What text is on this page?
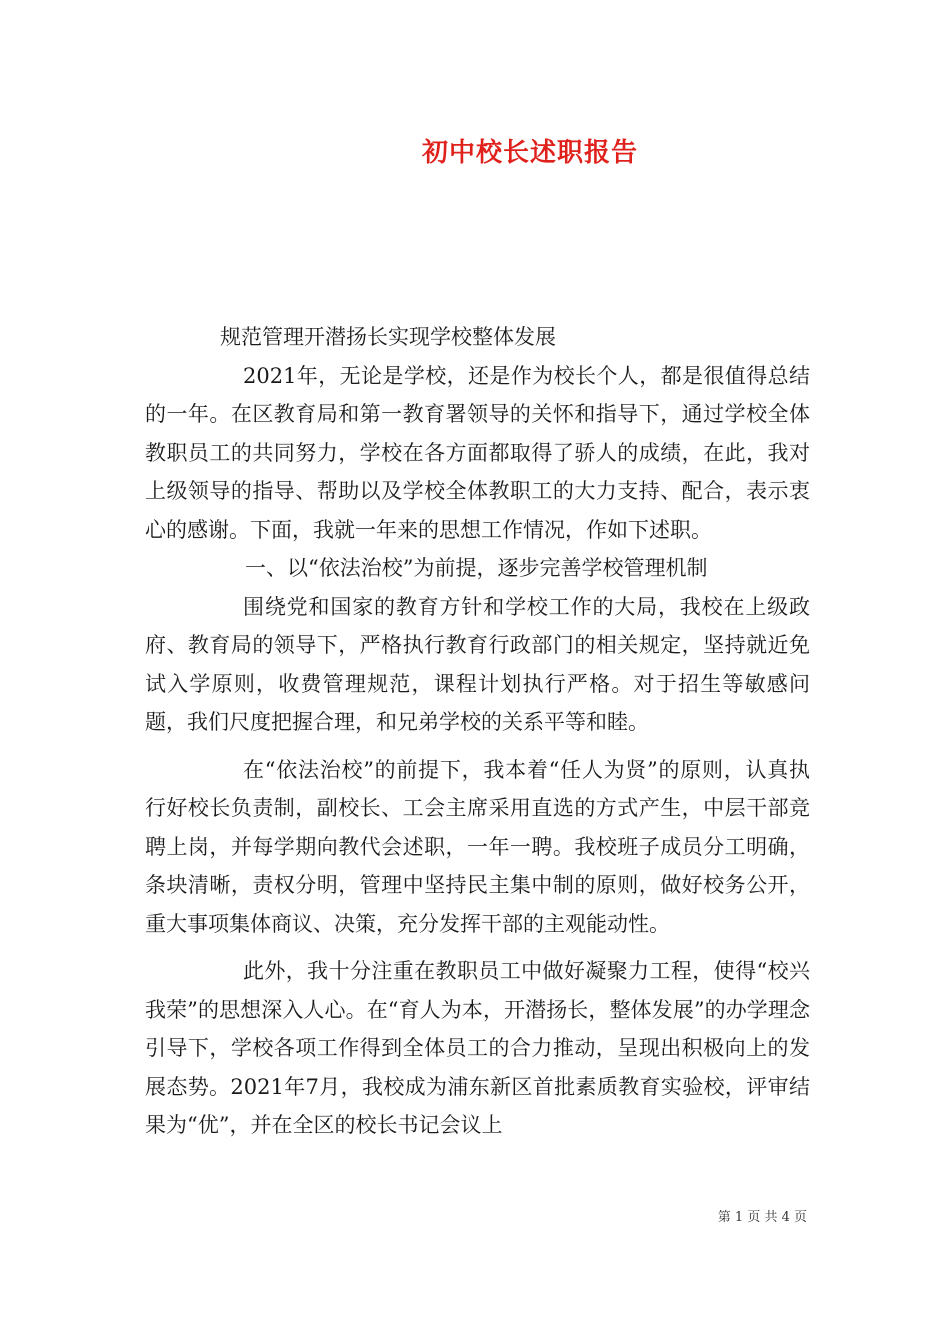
初中校长述职报告

规范管理开潜扬长实现学校整体发展

2021年，无论是学校，还是作为校长个人，都是很值得总结的一年。在区教育局和第一教育署领导的关怀和指导下，通过学校全体教职员工的共同努力，学校在各方面都取得了骄人的成绩，在此，我对上级领导的指导、帮助以及学校全体教职工的大力支持、配合，表示衷心的感谢。下面，我就一年来的思想工作情况，作如下述职。

一、以“依法治校”为前提，逐步完善学校管理机制

围绕党和国家的教育方针和学校工作的大局，我校在上级政府、教育局的领导下，严格执行教育行政部门的相关规定，坚持就近免试入学原则，收费管理规范，课程计划执行严格。对于招生等敏感问题，我们尺度把握合理，和兄弟学校的关系平等和睦。

在“依法治校”的前提下，我本着“任人为贤”的原则，认真执行好校长负责制，副校长、工会主席采用直选的方式产生，中层干部竞聘上岗，并每学期向教代会述职，一年一聘。我校班子成员分工明确，条块清晰，责权分明，管理中坚持民主集中制的原则，做好校务公开，重大事项集体商议、决策，充分发挥干部的主观能动性。

此外，我十分注重在教职员工中做好凝聚力工程，使得“校兴我荣”的思想深入人心。在“育人为本，开潜扬长，整体发展”的办学理念引导下，学校各项工作得到全体员工的合力推动，呈现出积极向上的发展态势。2021年7月，我校成为浦东新区首批素质教育实验校，评审结果为“优”，并在全区的校长书记会议上

第 1 页 共 4 页
